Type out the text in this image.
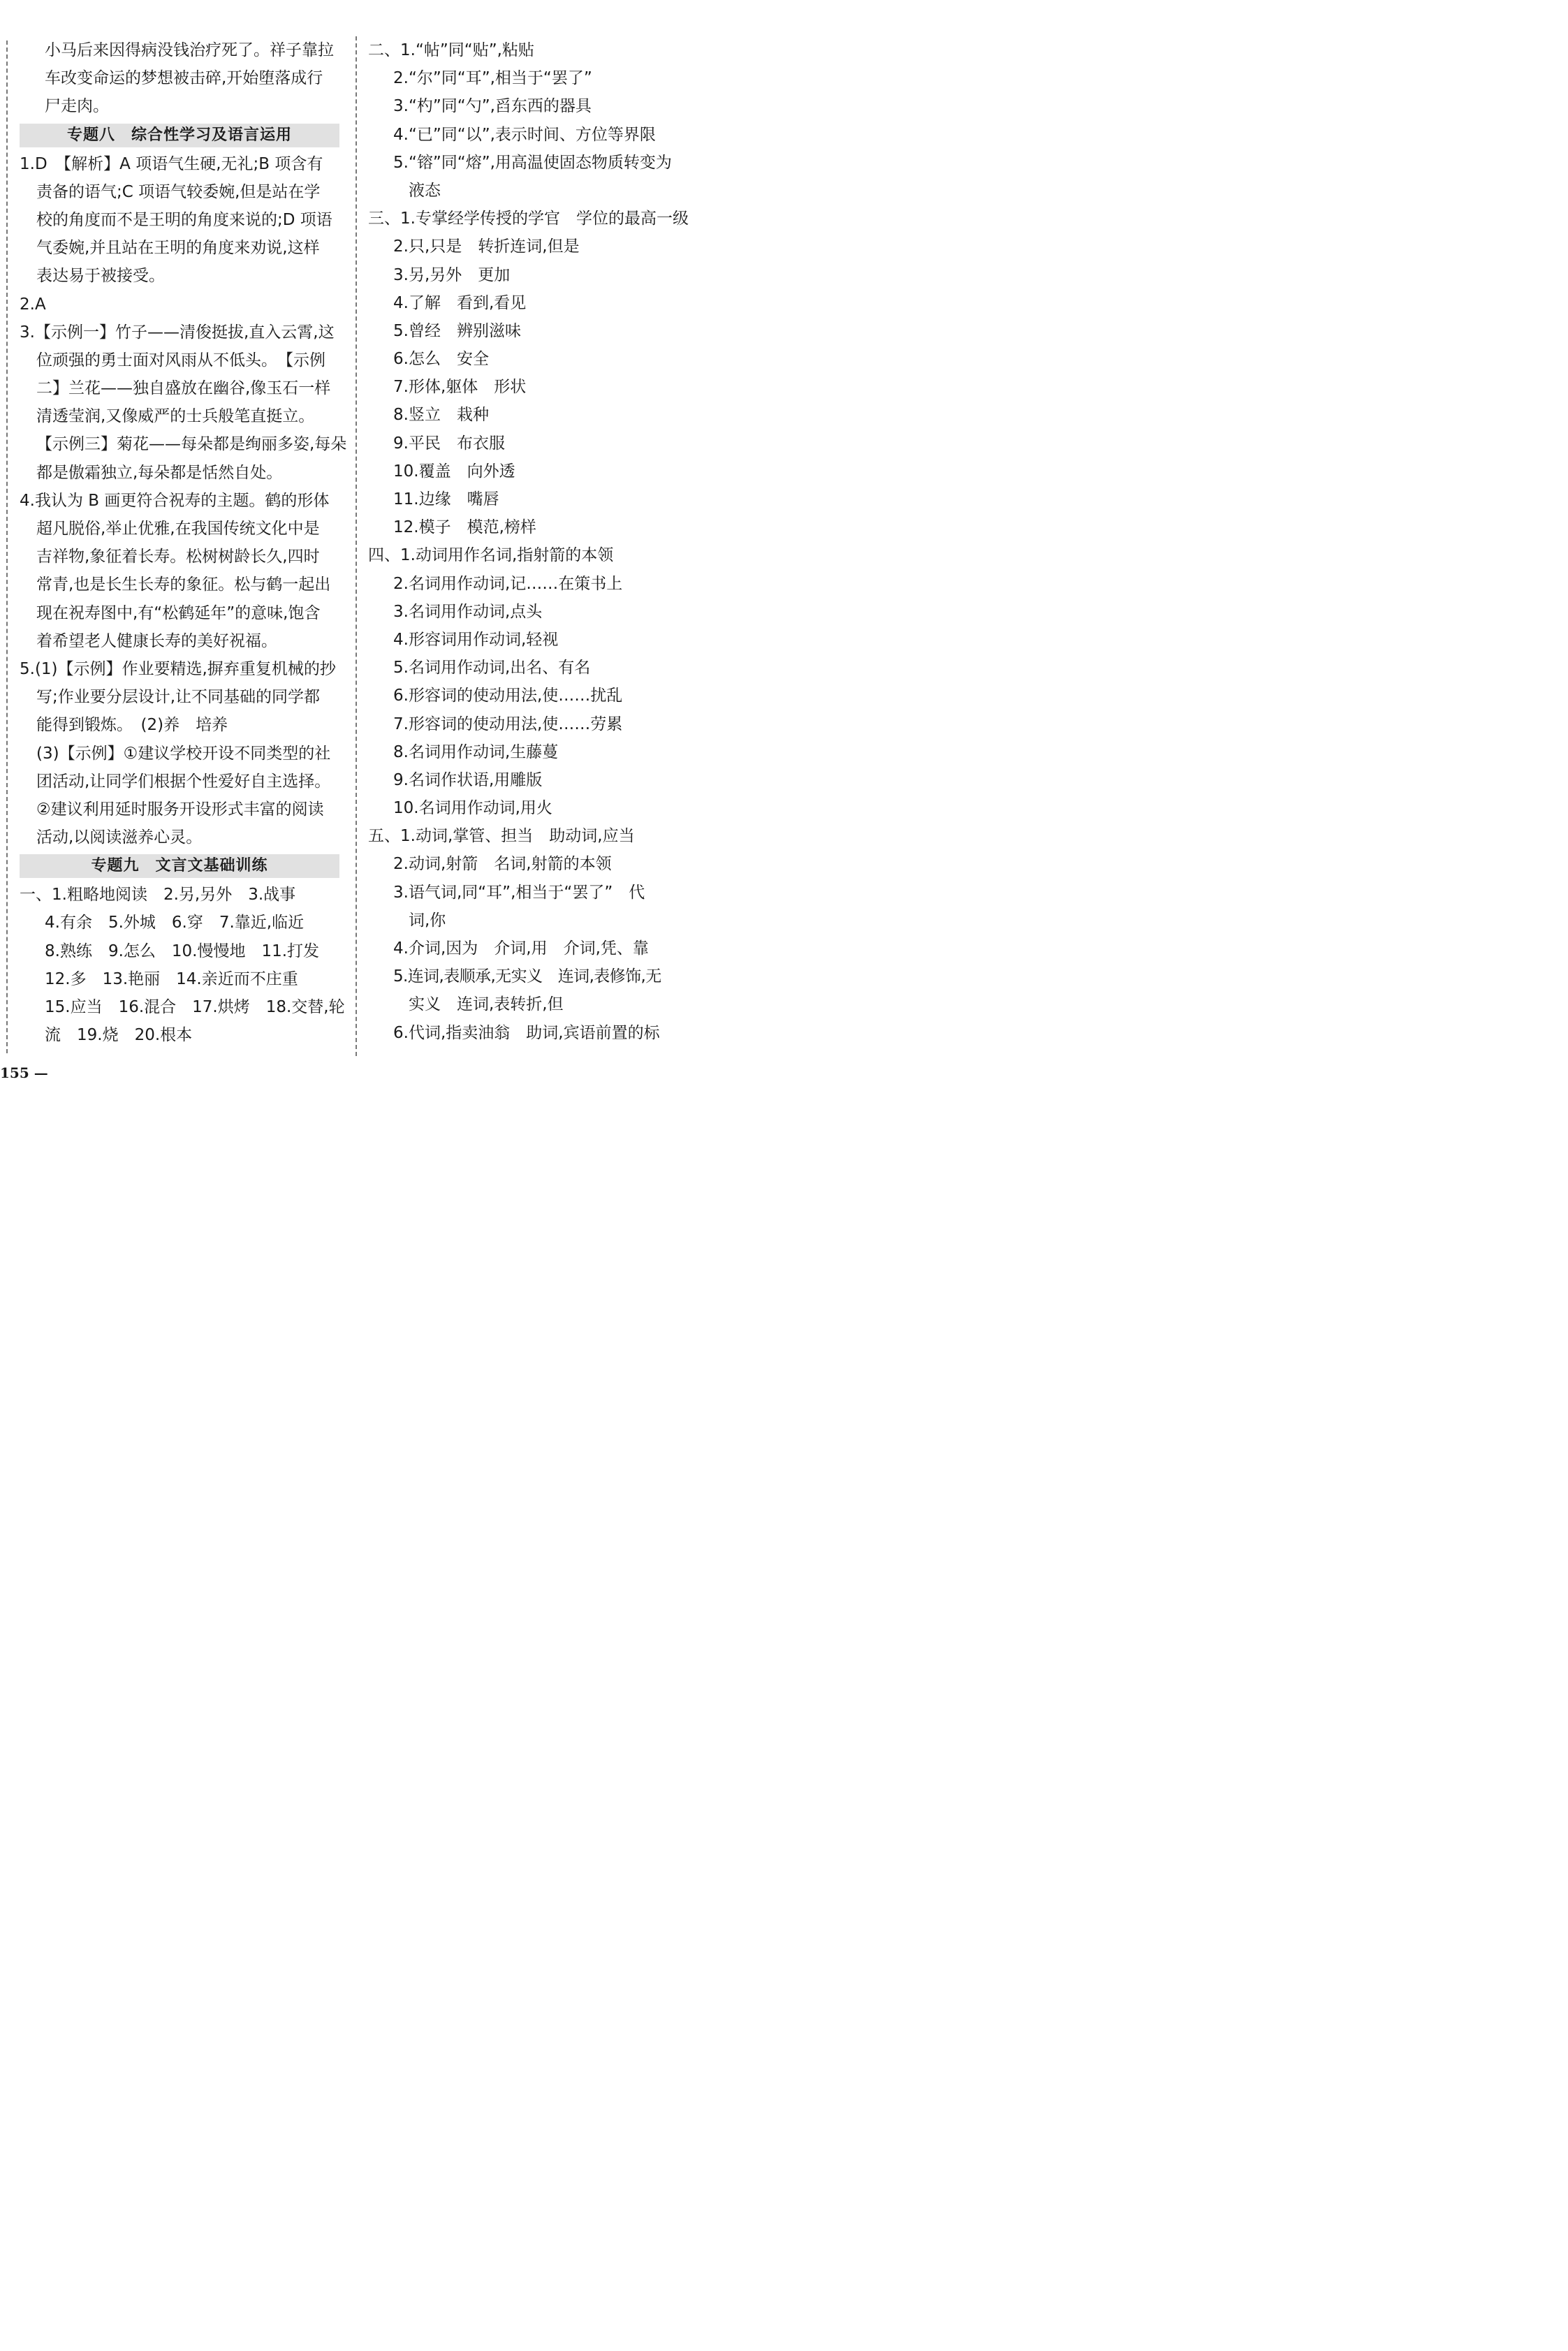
小马后来因得病没钱治疗死了。祥子靠拉
车改变命运的梦想被击碎,开始堕落成行
尸走肉。
专题八　综合性学习及语言运用
1.D　【解析】A 项语气生硬,无礼;B 项含有
责备的语气;C 项语气较委婉,但是站在学
校的角度而不是王明的角度来说的;D 项语
气委婉,并且站在王明的角度来劝说,这样
表达易于被接受。
2.A
3.【示例一】竹子——清俊挺拔,直入云霄,这
位顽强的勇士面对风雨从不低头。　【示例
二】兰花——独自盛放在幽谷,像玉石一样
清透莹润,又像威严的士兵般笔直挺立。
【示例三】菊花——每朵都是绚丽多姿,每朵
都是傲霜独立,每朵都是恬然自处。
4.我认为 B 画更符合祝寿的主题。鹤的形体
超凡脱俗,举止优雅,在我国传统文化中是
吉祥物,象征着长寿。松树树龄长久,四时
常青,也是长生长寿的象征。松与鹤一起出
现在祝寿图中,有“松鹤延年”的意味,饱含
着希望老人健康长寿的美好祝福。
5.(1)【示例】作业要精选,摒弃重复机械的抄
写;作业要分层设计,让不同基础的同学都
能得到锻炼。　(2)养　培养
(3)【示例】①建议学校开设不同类型的社
团活动,让同学们根据个性爱好自主选择。
②建议利用延时服务开设形式丰富的阅读
活动,以阅读滋养心灵。
专题九　文言文基础训练
一、1.粗略地阅读　2.另,另外　3.战事
4.有余　5.外城　6.穿　7.靠近,临近
8.熟练　9.怎么　10.慢慢地　11.打发
12.多　13.艳丽　14.亲近而不庄重
15.应当　16.混合　17.烘烤　18.交替,轮
流　19.烧　20.根本
二、1.“帖”同“贴”,粘贴
2.“尔”同“耳”,相当于“罢了”
3.“杓”同“勺”,舀东西的器具
4.“已”同“以”,表示时间、方位等界限
5.“镕”同“熔”,用高温使固态物质转变为
液态
三、1.专掌经学传授的学官　学位的最高一级
2.只,只是　转折连词,但是
3.另,另外　更加
4.了解　看到,看见
5.曾经　辨别滋味
6.怎么　安全
7.形体,躯体　形状
8.竖立　栽种
9.平民　布衣服
10.覆盖　向外透
11.边缘　嘴唇
12.模子　模范,榜样
四、1.动词用作名词,指射箭的本领
2.名词用作动词,记……在策书上
3.名词用作动词,点头
4.形容词用作动词,轻视
5.名词用作动词,出名、有名
6.形容词的使动用法,使……扰乱
7.形容词的使动用法,使……劳累
8.名词用作动词,生藤蔓
9.名词作状语,用雕版
10.名词用作动词,用火
五、1.动词,掌管、担当　助动词,应当
2.动词,射箭　名词,射箭的本领
3.语气词,同“耳”,相当于“罢了”　代
词,你
4.介词,因为　介词,用　介词,凭、靠
5.连词,表顺承,无实义　连词,表修饰,无
实义　连词,表转折,但
6.代词,指卖油翁　助词,宾语前置的标
155 —
